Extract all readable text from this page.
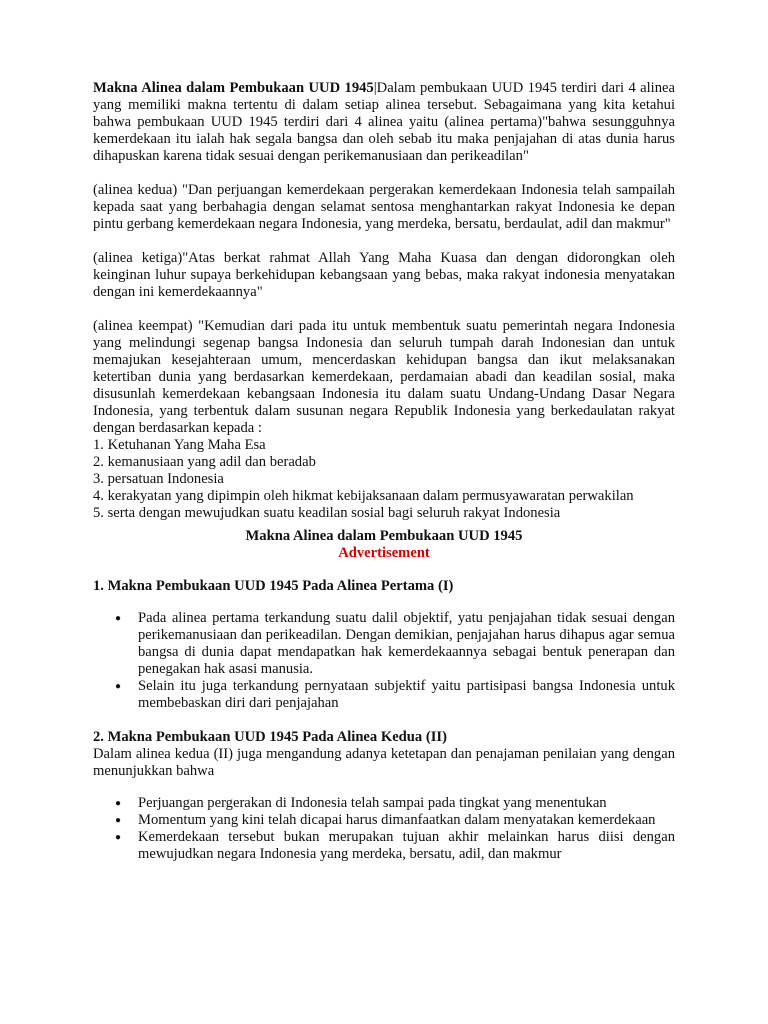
Makna Alinea dalam Pembukaan UUD 1945|Dalam pembukaan UUD 1945 terdiri dari 4 alinea yang memiliki makna tertentu di dalam setiap alinea tersebut. Sebagaimana yang kita ketahui bahwa pembukaan UUD 1945 terdiri dari 4 alinea yaitu (alinea pertama)"bahwa sesungguhnya kemerdekaan itu ialah hak segala bangsa dan oleh sebab itu maka penjajahan di atas dunia harus dihapuskan karena tidak sesuai dengan perikemanusiaan dan perikeadilan"

(alinea kedua) "Dan perjuangan kemerdekaan pergerakan kemerdekaan Indonesia telah sampailah kepada saat yang berbahagia dengan selamat sentosa menghantarkan rakyat Indonesia ke depan pintu gerbang kemerdekaan negara Indonesia, yang merdeka, bersatu, berdaulat, adil dan makmur"

(alinea ketiga)"Atas berkat rahmat Allah Yang Maha Kuasa dan dengan didorongkan oleh keinginan luhur supaya berkehidupan kebangsaan yang bebas, maka rakyat indonesia menyatakan dengan ini kemerdekaannya"

(alinea keempat) "Kemudian dari pada itu untuk membentuk suatu pemerintah negara Indonesia yang melindungi segenap bangsa Indonesia dan seluruh tumpah darah Indonesian dan untuk memajukan kesejahteraan umum, mencerdaskan kehidupan bangsa dan ikut melaksanakan ketertiban dunia yang berdasarkan kemerdekaan, perdamaian abadi dan keadilan sosial, maka disusunlah kemerdekaan kebangsaan Indonesia itu dalam suatu Undang-Undang Dasar Negara Indonesia, yang terbentuk dalam susunan negara Republik Indonesia yang berkedaulatan rakyat dengan berdasarkan kepada :

1. Ketuhanan Yang Maha Esa

2. kemanusiaan yang adil dan beradab

3. persatuan Indonesia

4. kerakyatan yang dipimpin oleh hikmat kebijaksanaan dalam permusyawaratan perwakilan

5. serta dengan mewujudkan suatu keadilan sosial bagi seluruh rakyat Indonesia

Makna Alinea dalam Pembukaan UUD 1945
Advertisement
1. Makna Pembukaan UUD 1945 Pada Alinea Pertama (I)
● Pada alinea pertama terkandung suatu dalil objektif, yatu penjajahan tidak sesuai dengan perikemanusiaan dan perikeadilan. Dengan demikian, penjajahan harus dihapus agar semua bangsa di dunia dapat mendapatkan hak kemerdekaannya sebagai bentuk penerapan dan penegakan hak asasi manusia.
● Selain itu juga terkandung pernyataan subjektif yaitu partisipasi bangsa Indonesia untuk membebaskan diri dari penjajahan
2. Makna Pembukaan UUD 1945 Pada Alinea Kedua (II)

Dalam alinea kedua (II) juga mengandung adanya ketetapan dan penajaman penilaian yang dengan menunjukkan bahwa

● Perjuangan pergerakan di Indonesia telah sampai pada tingkat yang menentukan
● Momentum yang kini telah dicapai harus dimanfaatkan dalam menyatakan kemerdekaan
● Kemerdekaan tersebut bukan merupakan tujuan akhir melainkan harus diisi dengan mewujudkan negara Indonesia yang merdeka, bersatu, adil, dan makmur
